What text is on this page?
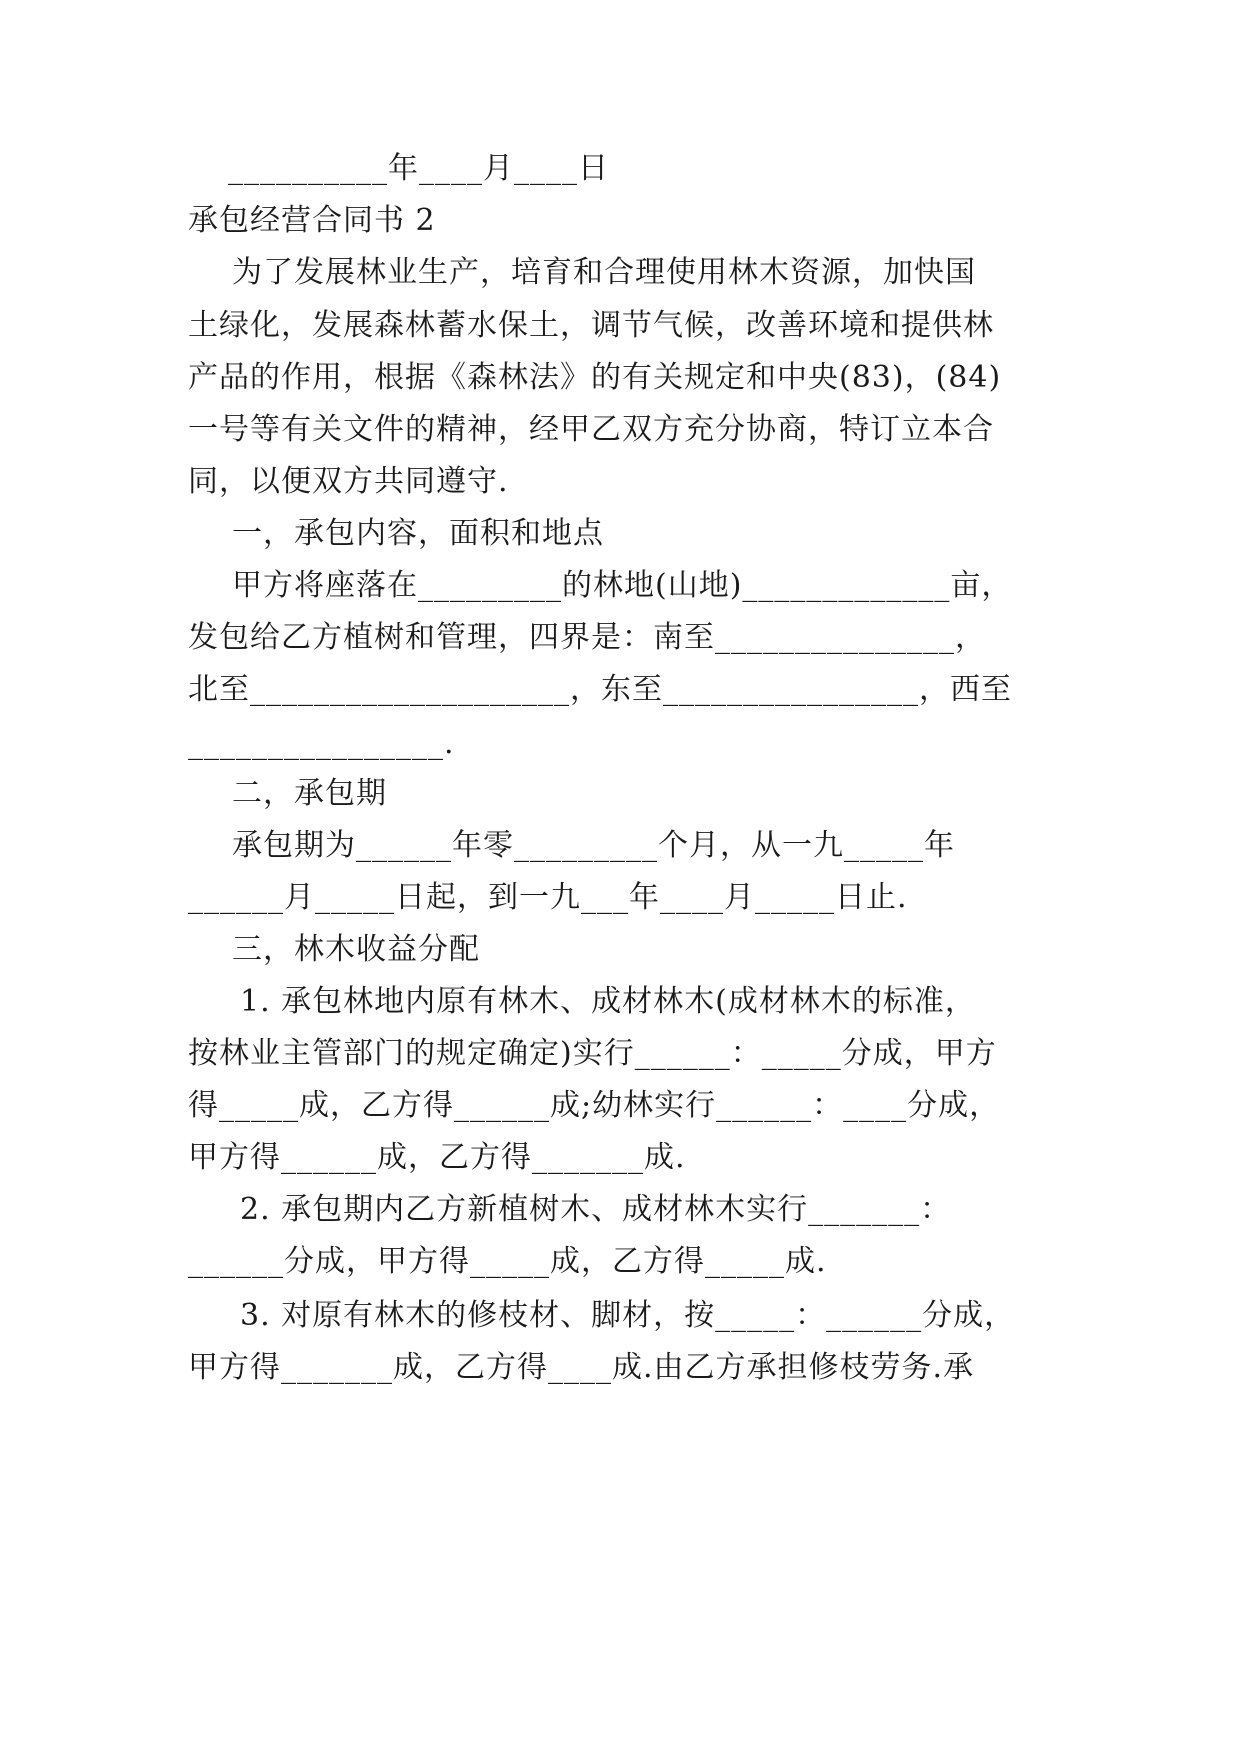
__________年____月____日
承包经营合同书 2
为了发展林业生产，培育和合理使用林木资源，加快国
土绿化，发展森林蓄水保土，调节气候，改善环境和提供林
产品的作用，根据《森林法》的有关规定和中央(83)，(84)
一号等有关文件的精神，经甲乙双方充分协商，特订立本合
同，以便双方共同遵守.
一，承包内容，面积和地点
甲方将座落在_________的林地(山地)_____________亩，
发包给乙方植树和管理，四界是：南至_______________，
北至____________________，东至________________，西至
________________.
二，承包期
承包期为______年零_________个月，从一九_____年
______月_____日起，到一九___年____月_____日止.
三，林木收益分配
1. 承包林地内原有林木、成材林木(成材林木的标准，
按林业主管部门的规定确定)实行______：_____分成，甲方
得_____成，乙方得______成;幼林实行______：____分成，
甲方得______成，乙方得_______成.
2. 承包期内乙方新植树木、成材林木实行_______：
______分成，甲方得_____成，乙方得_____成.
3. 对原有林木的修枝材、脚材，按_____：______分成，
甲方得_______成，乙方得____成.由乙方承担修枝劳务.承
